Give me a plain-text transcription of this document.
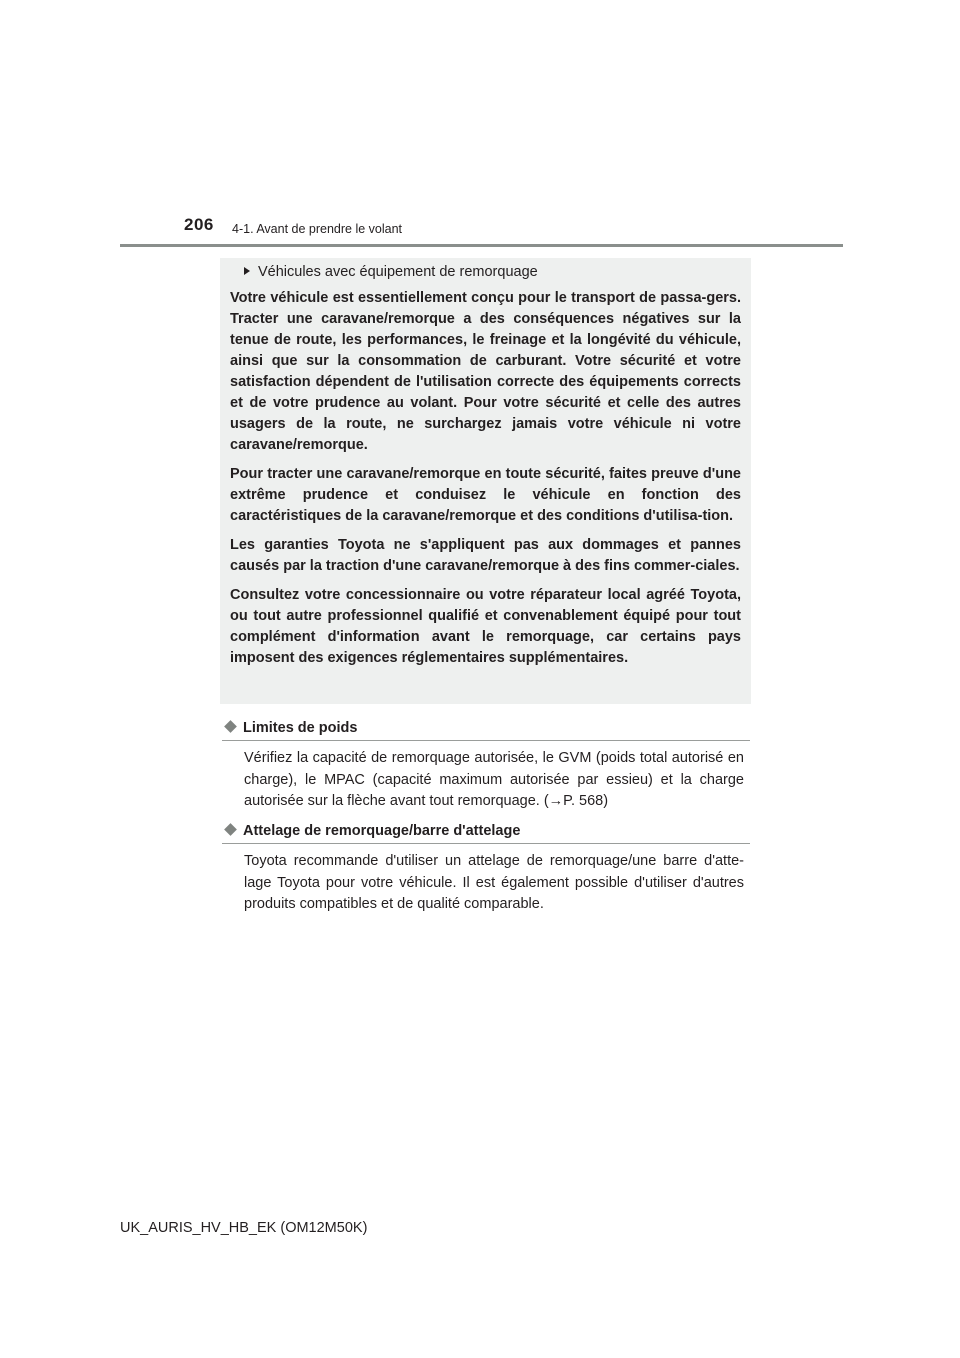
206 4-1. Avant de prendre le volant
Véhicules avec équipement de remorquage

Votre véhicule est essentiellement conçu pour le transport de passa-gers. Tracter une caravane/remorque a des conséquences négatives sur la tenue de route, les performances, le freinage et la longévité du véhicule, ainsi que sur la consommation de carburant. Votre sécurité et votre satisfaction dépendent de l'utilisation correcte des équipements corrects et de votre prudence au volant. Pour votre sécurité et celle des autres usagers de la route, ne surchargez jamais votre véhicule ni votre caravane/remorque.

Pour tracter une caravane/remorque en toute sécurité, faites preuve d'une extrême prudence et conduisez le véhicule en fonction des caractéristiques de la caravane/remorque et des conditions d'utilisa-tion.

Les garanties Toyota ne s'appliquent pas aux dommages et pannes causés par la traction d'une caravane/remorque à des fins commer-ciales.

Consultez votre concessionnaire ou votre réparateur local agréé Toyota, ou tout autre professionnel qualifié et convenablement équipé pour tout complément d'information avant le remorquage, car certains pays imposent des exigences réglementaires supplémentaires.

Limites de poids

Vérifiez la capacité de remorquage autorisée, le GVM (poids total autorisé en charge), le MPAC (capacité maximum autorisée par essieu) et la charge autorisée sur la flèche avant tout remorquage. (→P. 568)

Attelage de remorquage/barre d'attelage

Toyota recommande d'utiliser un attelage de remorquage/une barre d'atte-lage Toyota pour votre véhicule. Il est également possible d'utiliser d'autres produits compatibles et de qualité comparable.

UK_AURIS_HV_HB_EK (OM12M50K)
